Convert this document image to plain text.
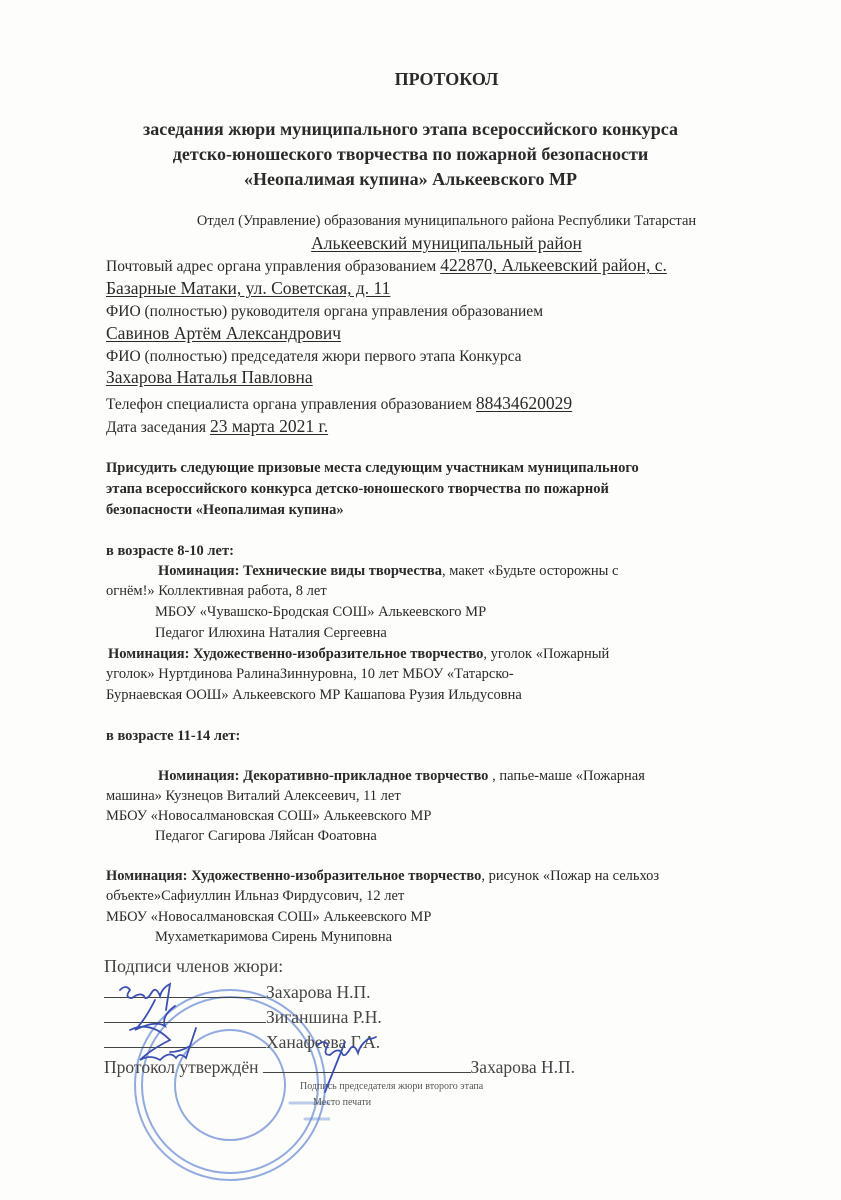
ПРОТОКОЛ
заседания жюри муниципального этапа всероссийского конкурса
детско-юношеского творчества по пожарной безопасности
«Неопалимая купина» Алькеевского МР
Отдел (Управление) образования муниципального района Республики Татарстан
Алькеевский муниципальный район
Почтовый адрес органа управления образованием 422870, Алькеевский район, с.
Базарные Матаки, ул. Советская, д. 11
ФИО (полностью) руководителя органа управления образованием
Савинов Артём Александрович
ФИО (полностью) председателя жюри первого этапа Конкурса
Захарова Наталья Павловна
Телефон специалиста органа управления образованием 88434620029
Дата заседания 23 марта 2021 г.
Присудить следующие призовые места следующим участникам муниципального
этапа всероссийского конкурса детско-юношеского творчества по пожарной
безопасности «Неопалимая купина»
в возрасте 8-10 лет:
Номинация: Технические виды творчества, макет «Будьте осторожны с
огнём!» Коллективная работа, 8 лет
МБОУ «Чувашско-Бродская СОШ» Алькеевского МР
Педагог Илюхина Наталия Сергеевна
Номинация: Художественно-изобразительное творчество, уголок «Пожарный
уголок» Нуртдинова РалинаЗиннуровна, 10 лет МБОУ «Татарско-
Бурнаевская ООШ» Алькеевского МР Кашапова Рузия Ильдусовна
в возрасте 11-14 лет:
Номинация: Декоративно-прикладное творчество , папье-маше «Пожарная
машина» Кузнецов Виталий Алексеевич, 11 лет
МБОУ «Новосалмановская СОШ» Алькеевского МР
Педагог Сагирова Ляйсан Фоатовна
Номинация: Художественно-изобразительное творчество, рисунок «Пожар на сельхоз
объекте»Сафиуллин Ильназ Фирдусович, 12 лет
МБОУ «Новосалмановская СОШ» Алькеевского МР
Мухаметкаримова Сирень Муниповна
Подписи членов жюри:
Захарова Н.П.
Зиганшина Р.Н.
Ханафеева Г.А.
Протокол утверждён	Захарова Н.П.
Подпись председателя жюри второго этапа
Место печати
